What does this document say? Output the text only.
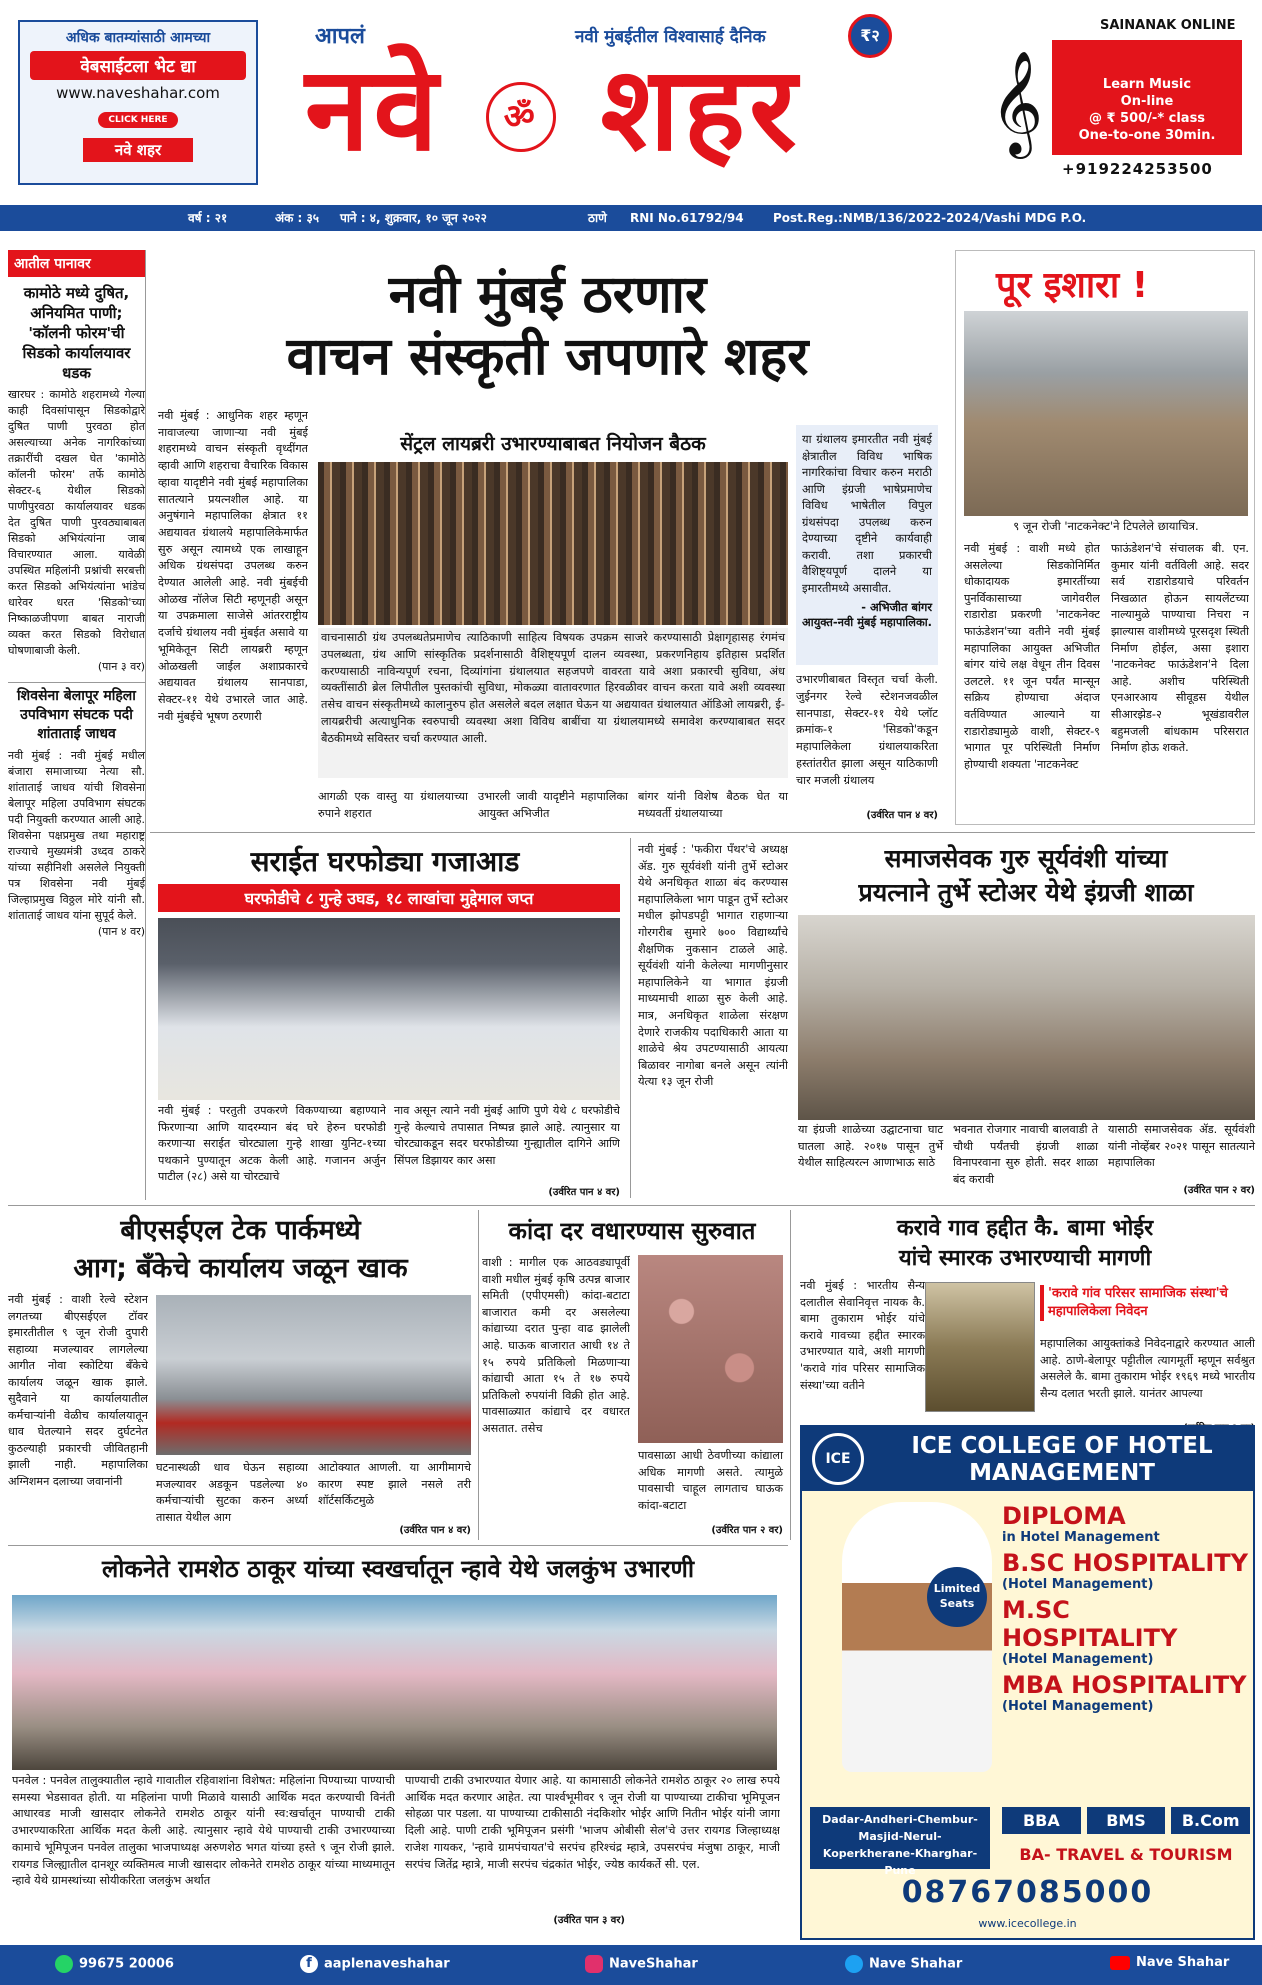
अधिक बातम्यांसाठी आमच्या
वेबसाईटला भेट द्या
www.naveshahar.com
CLICK HERE
नवे शहर
आपलं	नवी मुंबईतील विश्वासार्ह दैनिक	₹२
नवे ॐ शहर 𝄞
SAINANAK ONLINE
Learn Music
On-line
@ ₹ 500/-* class
One-to-one 30min.
+919224253500
वर्ष : २१	अंक : ३५ पाने : ४, शुक्रवार, १० जून २०२२	ठाणे RNI No.61792/94 Post.Reg.:NMB/136/2022-2024/Vashi MDG P.O.
आतील पानावर
कामोठे मध्ये दुषित, अनियमित पाणी; 'कॉलनी फोरम'ची सिडको कार्यालयावर धडक
खारघर : कामोठे शहरामध्ये गेल्या काही दिवसांपासून सिडकोद्वारे दुषित पाणी पुरवठा होत असल्याच्या अनेक नागरिकांच्या तक्रारींची दखल घेत 'कामोठे कॉलनी फोरम' तर्फे कामोठे सेक्टर-६ येथील सिडको पाणीपुरवठा कार्यालयावर धडक देत दुषित पाणी पुरवठ्याबाबत सिडको अभियंत्यांना जाब विचारण्यात आला. यावेळी उपस्थित महिलांनी प्रश्नांची सरबत्ती करत सिडको अभियंत्यांना भांडेच धारेवर धरत 'सिडको'च्या निष्काळजीपणा बाबत नाराजी व्यक्त करत सिडको विरोधात घोषणाबाजी केली.
(पान ३ वर)
शिवसेना बेलापूर महिला उपविभाग संघटक पदी शांताताई जाधव
नवी मुंबई : नवी मुंबई मधील बंजारा समाजाच्या नेत्या सौ. शांताताई जाधव यांची शिवसेना बेलापूर महिला उपविभाग संघटक पदी नियुक्ती करण्यात आली आहे. शिवसेना पक्षप्रमुख तथा महाराष्ट्र राज्याचे मुख्यमंत्री उध्दव ठाकरे यांच्या सहीनिशी असलेले नियुक्ती पत्र शिवसेना नवी मुंबई जिल्हाप्रमुख विठ्ठल मोरे यांनी सौ. शांताताई जाधव यांना सुपूर्द केले.
(पान ४ वर)
नवी मुंबई ठरणार
वाचन संस्कृती जपणारे शहर
नवी मुंबई : आधुनिक शहर म्हणून नावाजल्या जाणाऱ्या नवी मुंबई शहरामध्ये वाचन संस्कृती वृध्दींगत व्हावी आणि शहराचा वैचारिक विकास व्हावा यादृष्टीने नवी मुंबई महापालिका सातत्याने प्रयत्नशील आहे. या अनुषंगाने महापालिका क्षेत्रात ११ अद्ययावत ग्रंथालये महापालिकेमार्फत सुरु असून त्यामध्ये एक लाखाहून अधिक ग्रंथसंपदा उपलब्ध करुन देण्यात आलेली आहे. नवी मुंबईची ओळख नॉलेज सिटी म्हणूनही असून या उपक्रमाला साजेसे आंतरराष्ट्रीय दर्जाचे ग्रंथालय नवी मुंबईत असावे या भूमिकेतून सिटी लायब्ररी म्हणून ओळखली जाईल अशाप्रकारचे अद्ययावत ग्रंथालय सानपाडा, सेक्टर-११ येथे उभारले जात आहे. नवी मुंबईचे भूषण ठरणारी
सेंट्रल लायब्ररी उभारण्याबाबत नियोजन बैठक
वाचनासाठी ग्रंथ उपलब्धतेप्रमाणेच त्याठिकाणी साहित्य विषयक उपक्रम साजरे करण्यासाठी प्रेक्षागृहासह रंगमंच उपलब्धता, ग्रंथ आणि सांस्कृतिक प्रदर्शनासाठी वैशिष्ट्यपूर्ण दालन व्यवस्था, प्रकरणनिहाय इतिहास प्रदर्शित करण्यासाठी नाविन्यपूर्ण रचना, दिव्यांगांना ग्रंथालयात सहजपणे वावरता यावे अशा प्रकारची सुविधा, अंध व्यक्तींसाठी ब्रेल लिपीतील पुस्तकांची सुविधा, मोकळ्या वातावरणात हिरवळीवर वाचन करता यावे अशी व्यवस्था तसेच वाचन संस्कृतीमध्ये कालानुरुप होत असलेले बदल लक्षात घेऊन या अद्ययावत ग्रंथालयात ऑडिओ लायब्ररी, ई-लायब्ररीची अत्याधुनिक स्वरुपाची व्यवस्था अशा विविध बाबींचा या ग्रंथालयामध्ये समावेश करण्याबाबत सदर बैठकीमध्ये सविस्तर चर्चा करण्यात आली.
आगळी एक वास्तु या ग्रंथालयाच्या रुपाने शहरात
उभारली जावी यादृष्टीने महापालिका आयुक्त अभिजीत
बांगर यांनी विशेष बैठक घेत या मध्यवर्ती ग्रंथालयाच्या
या ग्रंथालय इमारतीत नवी मुंबई क्षेत्रातील विविध भाषिक नागरिकांचा विचार करुन मराठी आणि इंग्रजी भाषेप्रमाणेच विविध भाषेतील विपुल ग्रंथसंपदा उपलब्ध करुन देण्याच्या दृष्टीने कार्यवाही करावी. तशा प्रकारची वैशिष्ट्यपूर्ण दालने या इमारतीमध्ये असावीत.
- अभिजीत बांगर
आयुक्त-नवी मुंबई महापालिका.
उभारणीबाबत विस्तृत चर्चा केली. जुईनगर रेल्वे स्टेशनजवळील सानपाडा, सेक्टर-११ येथे प्लॉट क्रमांक-१ 'सिडको'कडून महापालिकेला ग्रंथालयाकरिता हस्तांतरीत झाला असून याठिकाणी चार मजली ग्रंथालय
(उर्वरित पान ४ वर)
पूर इशारा !
९ जून रोजी 'नाटकनेक्ट'ने टिपलेले छायाचित्र.
नवी मुंबई : वाशी मध्ये होत असलेल्या सिडकोनिर्मित धोकादायक इमारतींच्या पुनर्विकासाच्या जागेवरील राडारोडा प्रकरणी 'नाटकनेक्ट फाऊंडेशन'च्या वतीने नवी मुंबई महापालिका आयुक्त अभिजीत बांगर यांचे लक्ष वेधून तीन दिवस उलटले. ११ जून पर्यंत मान्सून सक्रिय होण्याचा अंदाज वर्तविण्यात आल्याने या राडारोड्यामुळे वाशी, सेक्टर-९ भागात पूर परिस्थिती निर्माण होण्याची शक्यता 'नाटकनेक्ट
फाऊंडेशन'चे संचालक बी. एन. कुमार यांनी वर्तविली आहे. सदर सर्व राडारोडयाचे परिवर्तन निखळात होऊन सायलेंटच्या नाल्यामुळे पाण्याचा निचरा न झाल्यास वाशीमध्ये पूरसदृश स्थिती निर्माण होईल, असा इशारा 'नाटकनेक्ट फाऊंडेशन'ने दिला आहे. अशीच परिस्थिती एनआरआय सीवूडस येथील सीआरझेड-२ भूखंडावरील बहुमजली बांधकाम परिसरात निर्माण होऊ शकते.
सराईत घरफोड्या गजाआड
घरफोडीचे ८ गुन्हे उघड, १८ लाखांचा मुद्देमाल जप्त
नवी मुंबई : परतुती उपकरणे विकण्याच्या बहाण्याने फिरणाऱ्या आणि यादरम्यान बंद घरे हेरुन घरफोडी करणाऱ्या सराईत चोरट्याला गुन्हे शाखा युनिट-१च्या पथकाने पुण्यातून अटक केली आहे. गजानन अर्जुन पाटील (२८) असे या चोरट्याचे
नाव असून त्याने नवी मुंबई आणि पुणे येथे ८ घरफोडीचे गुन्हे केल्याचे तपासात निष्पन्न झाले आहे. त्यानुसार या चोरट्याकडून सदर घरफोडीच्या गुन्ह्यातील दागिने आणि सिंपल डिझायर कार असा
(उर्वरित पान ४ वर)
नवी मुंबई : 'फकीरा पँथर'चे अध्यक्ष ॲड. गुरु सूर्यवंशी यांनी तुर्भे स्टोअर येथे अनधिकृत शाळा बंद करण्यास महापालिकेला भाग पाडून तुर्भे स्टोअर मधील झोपडपट्टी भागात राहणाऱ्या गोरगरीब सुमारे ७०० विद्यार्थ्यांचे शैक्षणिक नुकसान टाळले आहे. सूर्यवंशी यांनी केलेल्या मागणीनुसार महापालिकेने या भागात इंग्रजी माध्यमाची शाळा सुरु केली आहे. मात्र, अनधिकृत शाळेला संरक्षण देणारे राजकीय पदाधिकारी आता या शाळेचे श्रेय उपटण्यासाठी आयत्या बिळावर नागोबा बनले असून त्यांनी येत्या १३ जून रोजी
समाजसेवक गुरु सूर्यवंशी यांच्या
प्रयत्नाने तुर्भे स्टोअर येथे इंग्रजी शाळा
या इंग्रजी शाळेच्या उद्घाटनाचा घाट घातला आहे. २०१७ पासून तुर्भे येथील साहित्यरत्न आणाभाऊ साठे
भवनात रोजगार नावाची बालवाडी ते चौथी पर्यंतची इंग्रजी शाळा विनापरवाना सुरु होती. सदर शाळा बंद करावी
यासाठी समाजसेवक ॲड. सूर्यवंशी यांनी नोव्हेंबर २०२१ पासून सातत्याने महापालिका
(उर्वरित पान २ वर)
बीएसईएल टेक पार्कमध्ये
आग; बँकेचे कार्यालय जळून खाक
नवी मुंबई : वाशी रेल्वे स्टेशन लगतच्या बीएसईएल टॉवर इमारतीतील ९ जून रोजी दुपारी सहाव्या मजल्यावर लागलेल्या आगीत नोवा स्कोटिया बँकेचे कार्यालय जळून खाक झाले. सुदैवाने या कार्यालयातील कर्मचाऱ्यांनी वेळीच कार्यालयातून धाव घेतल्याने सदर दुर्घटनेत कुठल्याही प्रकारची जीवितहानी झाली नाही. महापालिका अग्निशमन दलाच्या जवानांनी
घटनास्थळी धाव घेऊन सहाव्या मजल्यावर अडकून पडलेल्या ४० कर्मचाऱ्यांची सुटका करुन अर्ध्या तासात येथील आग
आटोक्यात आणली. या आगीमागचे कारण स्पष्ट झाले नसले तरी शॉर्टसर्किटमुळे
(उर्वरित पान ४ वर)
कांदा दर वधारण्यास सुरुवात
वाशी : मागील एक आठवड्यापूर्वी वाशी मधील मुंबई कृषि उत्पन्न बाजार समिती (एपीएमसी) कांदा-बटाटा बाजारात कमी दर असलेल्या कांद्याच्या दरात पुन्हा वाढ झालेली आहे. घाऊक बाजारात आधी १४ ते १५ रुपये प्रतिकिलो मिळणाऱ्या कांद्याची आता १५ ते १७ रुपये प्रतिकिलो रुपयांनी विक्री होत आहे. पावसाळ्यात कांद्याचे दर वधारत असतात. तसेच
पावसाळा आधी ठेवणीच्या कांद्याला अधिक मागणी असते. त्यामुळे पावसाची चाहूल लागताच घाऊक कांदा-बटाटा
(उर्वरित पान २ वर)
करावे गाव हद्दीत कै. बामा भोईर
यांचे स्मारक उभारण्याची मागणी
नवी मुंबई : भारतीय सैन्य दलातील सेवानिवृत्त नायक कै. बामा तुकाराम भोईर यांचे करावे गावच्या हद्दीत स्मारक उभारण्यात यावे, अशी मागणी 'करावे गांव परिसर सामाजिक संस्था'च्या वतीने
'करावे गांव परिसर सामाजिक संस्था'चे महापालिकेला निवेदन
महापालिका आयुक्तांकडे निवेदनाद्वारे करण्यात आली आहे. ठाणे-बेलापूर पट्टीतील त्यागमूर्ती म्हणून सर्वश्रुत असलेले कै. बामा तुकाराम भोईर १९६९ मध्ये भारतीय सैन्य दलात भरती झाले. यानंतर आपल्या
लोकनेते रामशेठ ठाकूर यांच्या स्वखर्चातून न्हावे येथे जलकुंभ उभारणी
पनवेल : पनवेल तालुक्यातील न्हावे गावातील रहिवाशांना विशेषत: महिलांना पिण्याच्या पाण्याची समस्या भेडसावत होती. या महिलांना पाणी मिळावे यासाठी आर्थिक मदत करण्याची विनंती आधारवड माजी खासदार लोकनेते रामशेठ ठाकूर यांनी स्व:खर्चातून पाण्याची टाकी उभारण्याकरिता आर्थिक मदत केली आहे. त्यानुसार न्हावे येथे पाण्याची टाकी उभारण्याच्या कामाचे भूमिपूजन पनवेल तालुका भाजपाध्यक्ष अरुणशेठ भगत यांच्या हस्ते ९ जून रोजी झाले. रायगड जिल्ह्यातील दानशूर व्यक्तिमत्व माजी खासदार लोकनेते रामशेठ ठाकूर यांच्या माध्यमातून न्हावे येथे ग्रामस्थांच्या सोयीकरिता जलकुंभ अर्थात
पाण्याची टाकी उभारण्यात येणार आहे. या कामासाठी लोकनेते रामशेठ ठाकूर २० लाख रुपये आर्थिक मदत करणार आहेत. त्या पार्श्वभूमीवर ९ जून रोजी या पाण्याच्या टाकीचा भूमिपूजन सोहळा पार पडला. या पाण्याच्या टाकीसाठी नंदकिशोर भोईर आणि नितीन भोईर यांनी जागा दिली आहे. पाणी टाकी भूमिपूजन प्रसंगी 'भाजप ओबीसी सेल'चे उत्तर रायगड जिल्हाध्यक्ष राजेश गायकर, 'न्हावे ग्रामपंचायत'चे सरपंच हरिश्चंद्र म्हात्रे, उपसरपंच मंजुषा ठाकूर, माजी सरपंच जितेंद्र म्हात्रे, माजी सरपंच चंद्रकांत भोईर, ज्येष्ठ कार्यकर्ते सी. एल.
(उर्वरित पान ३ वर)
ICE	ICE COLLEGE OF HOTEL
MANAGEMENT
Limited Seats
DIPLOMA
in Hotel Management
B.SC HOSPITALITY
(Hotel Management)
M.SC HOSPITALITY
(Hotel Management)
MBA HOSPITALITY
(Hotel Management)
BBA	BMS	B.Com
BA- TRAVEL & TOURISM
Dadar-Andheri-Chembur-Masjid-Nerul-Koperkherane-Kharghar-Pune
08767085000
www.icecollege.in
99675 20006	f aaplenaveshahar	NaveShahar	Nave Shahar	Nave Shahar
